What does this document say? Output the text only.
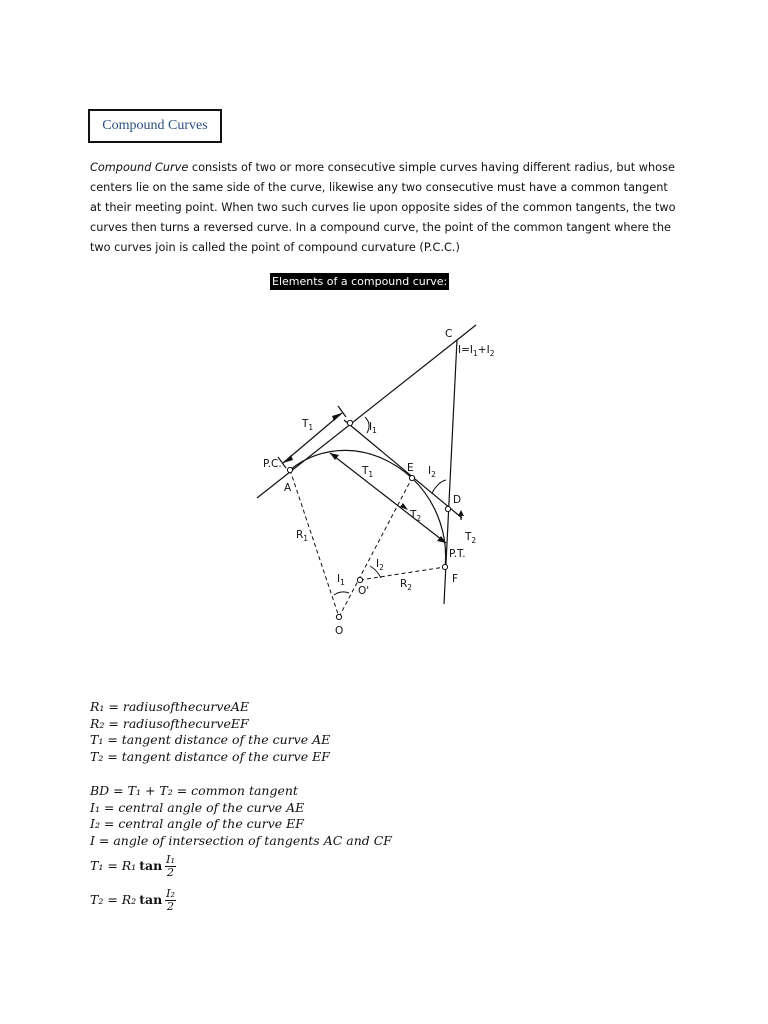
Compound Curves
Compound Curve consists of two or more consecutive simple curves having different radius, but whose centers lie on the same side of the curve, likewise any two consecutive must have a common tangent at their meeting point. When two such curves lie upon opposite sides of the common tangents, the two curves then turns a reversed curve. In a compound curve, the point of the common tangent where the two curves join is called the point of compound curvature (P.C.C.)
Elements of a compound curve:
C
$I=I_1+I_2$
$T_1$	$I_1$
P.C.
A
$T_1$
E $I_2$
D
$T_2$
$T_2$
$R_1$
P.T.
$I_2$
$I_1$
O'
$R_2$
F
O
R₁ = radiusofthecurveAE
R₂ = radiusofthecurveEF
T₁ = tangent distance of the curve AE
T₂ = tangent distance of the curve EF
BD = T₁ + T₂ = common tangent
I₁ = central angle of the curve AE
I₂ = central angle of the curve EF
I = angle of intersection of tangents AC and CF
T₁ = R₁ $\tan \frac{\text{I₁}}{2}$
T₂ = R₂ $\tan \frac{\text{I₂}}{2}$
